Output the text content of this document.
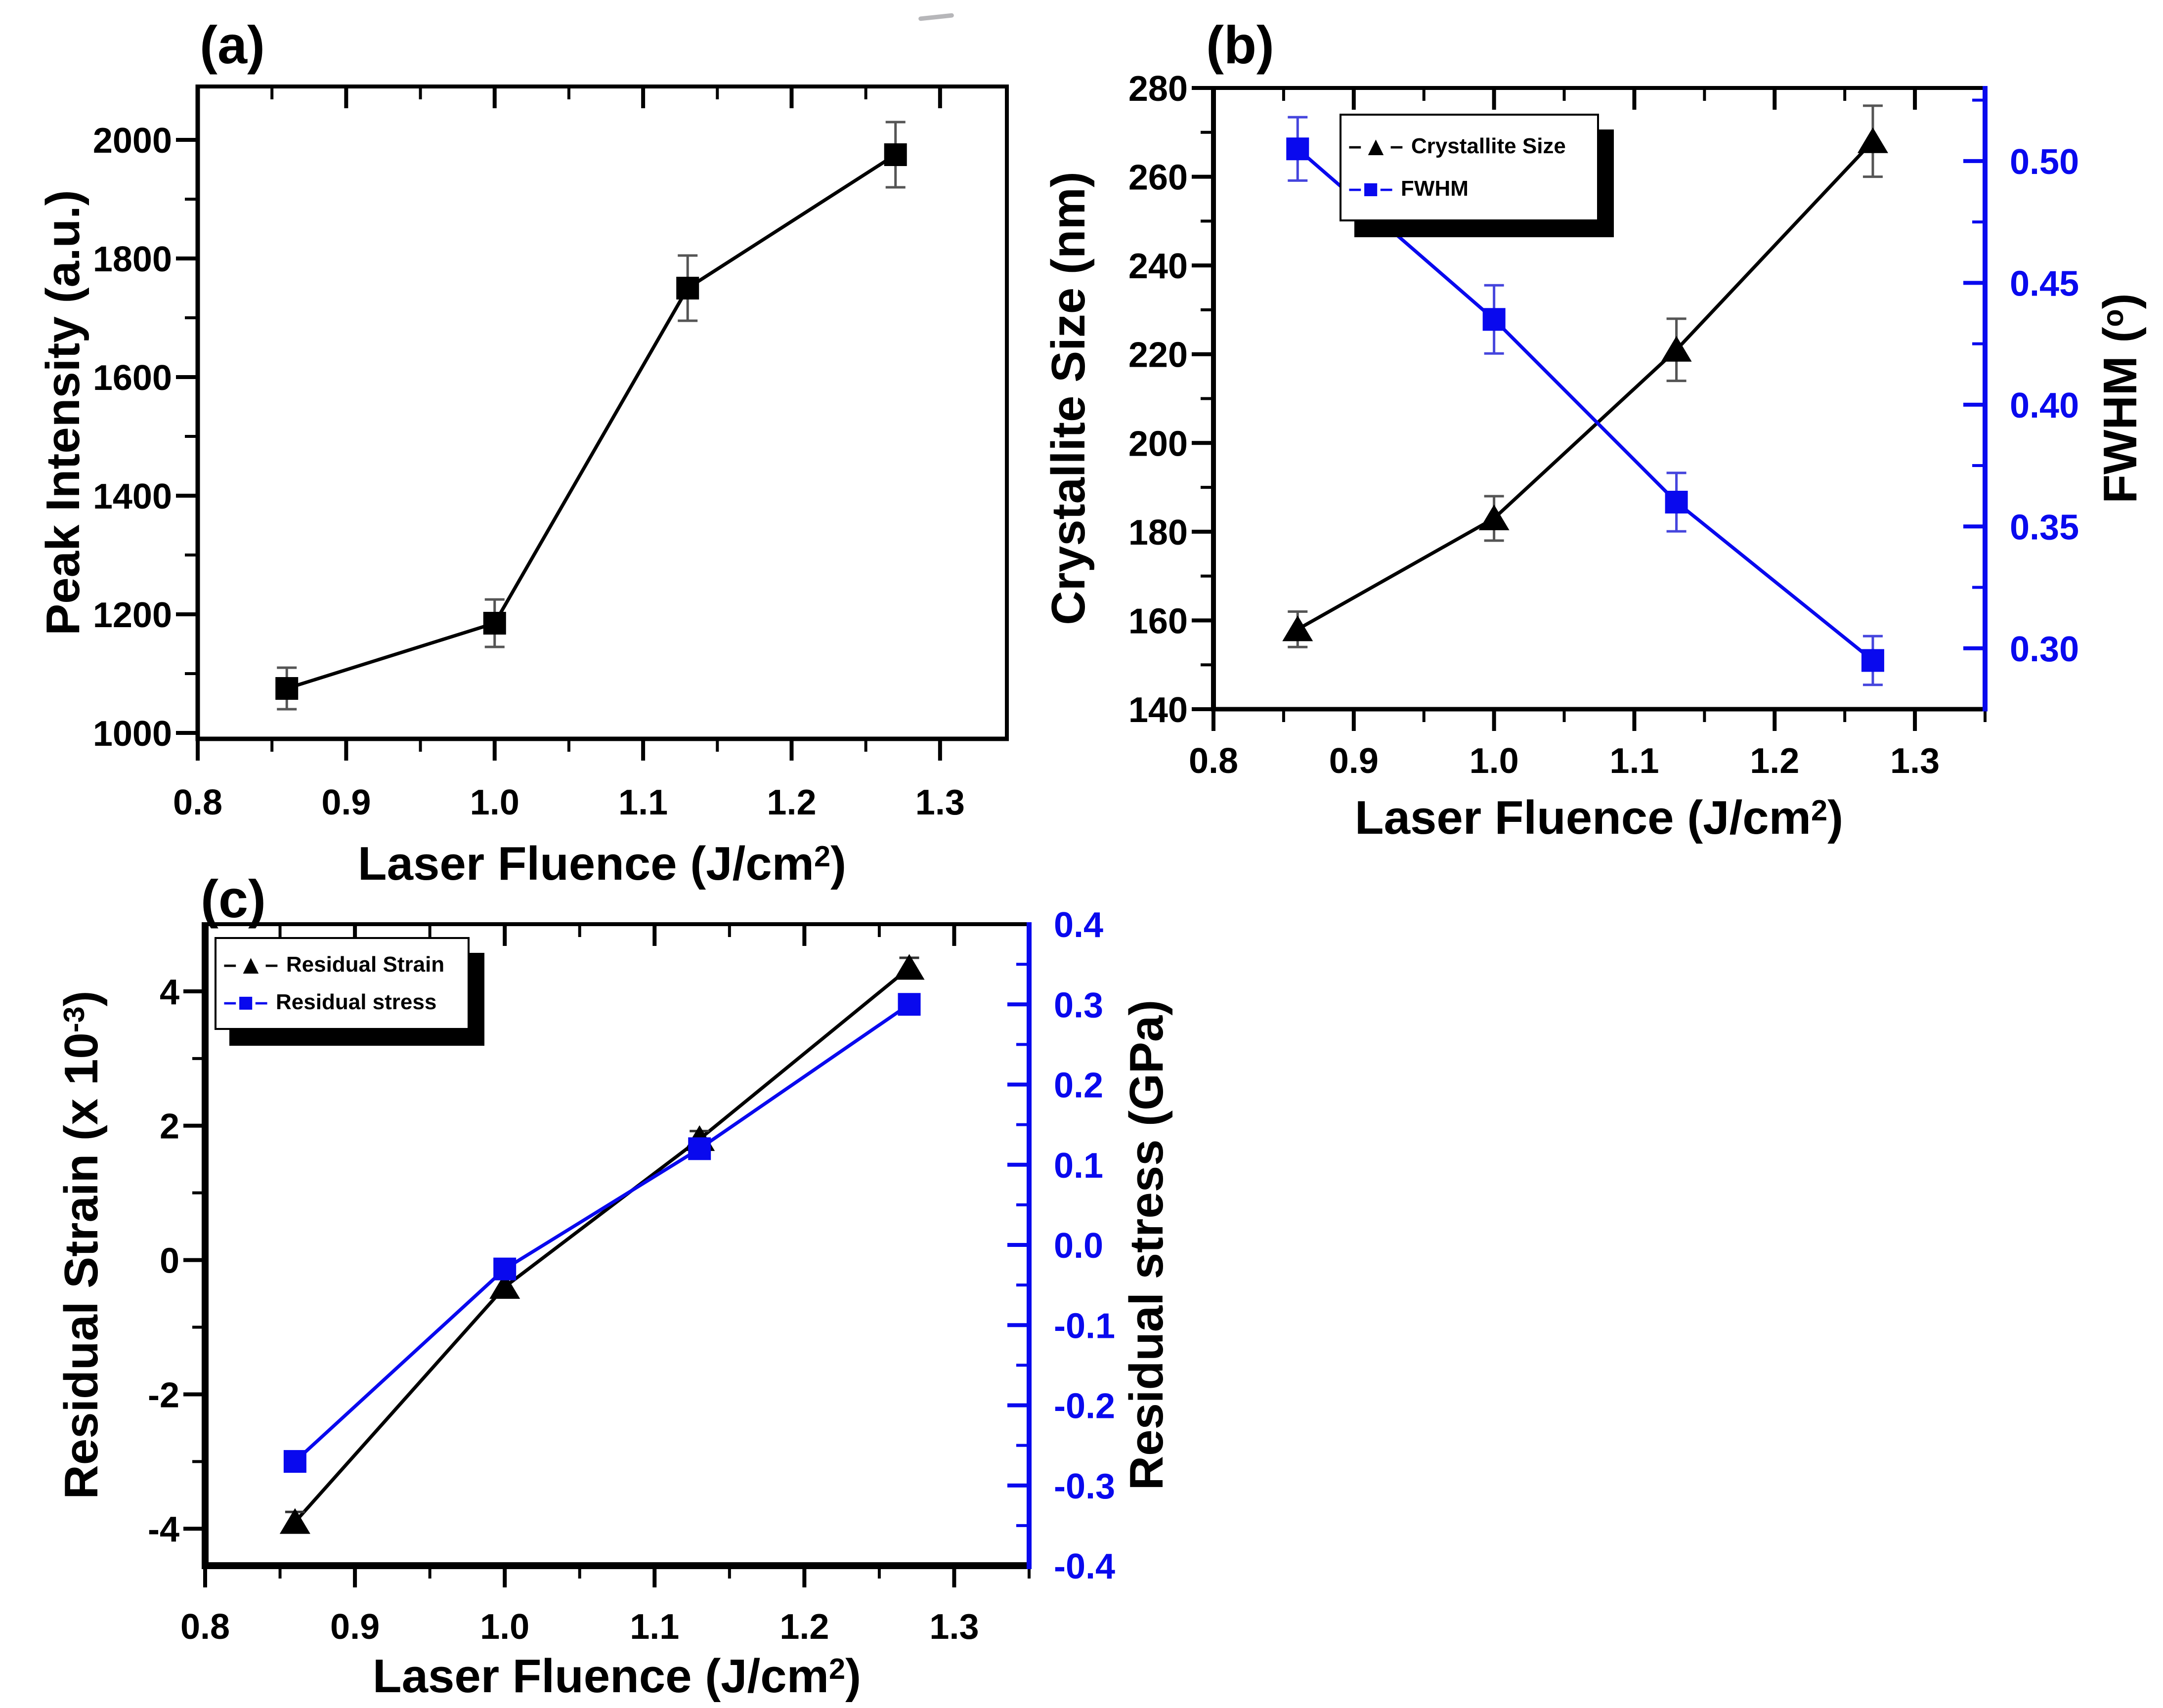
0.8	0.9	1.0	1.1	1.2	1.3
1000
1200
1400
1600
1800
2000
0.8	0.9	1.0	1.1	1.2	1.3
140
160
180
200
220
240
260
280
0.30
0.35
0.40
0.45
0.50
0.8	0.9	1.0	1.1	1.2	1.3
-4
-2
0
2
4
-0.4
-0.3
-0.2
-0.1
0.0
0.1
0.2
0.3
0.4
(a)
Peak Intensity (a.u.)
Laser Fluence $(J/cm^2)$
(b)
Crystallite Size (nm)	FWHM ($^o$)
Laser Fluence $(J/cm^2)$
– ▲ – Crystallite Size
– ■ – FWHM
(c)
Residual Strain (x $10^{-3}$)
Residual stress (GPa)
Laser Fluence $(J/cm^2)$
– ▲ – Residual Strain
– ■ – Residual stress
